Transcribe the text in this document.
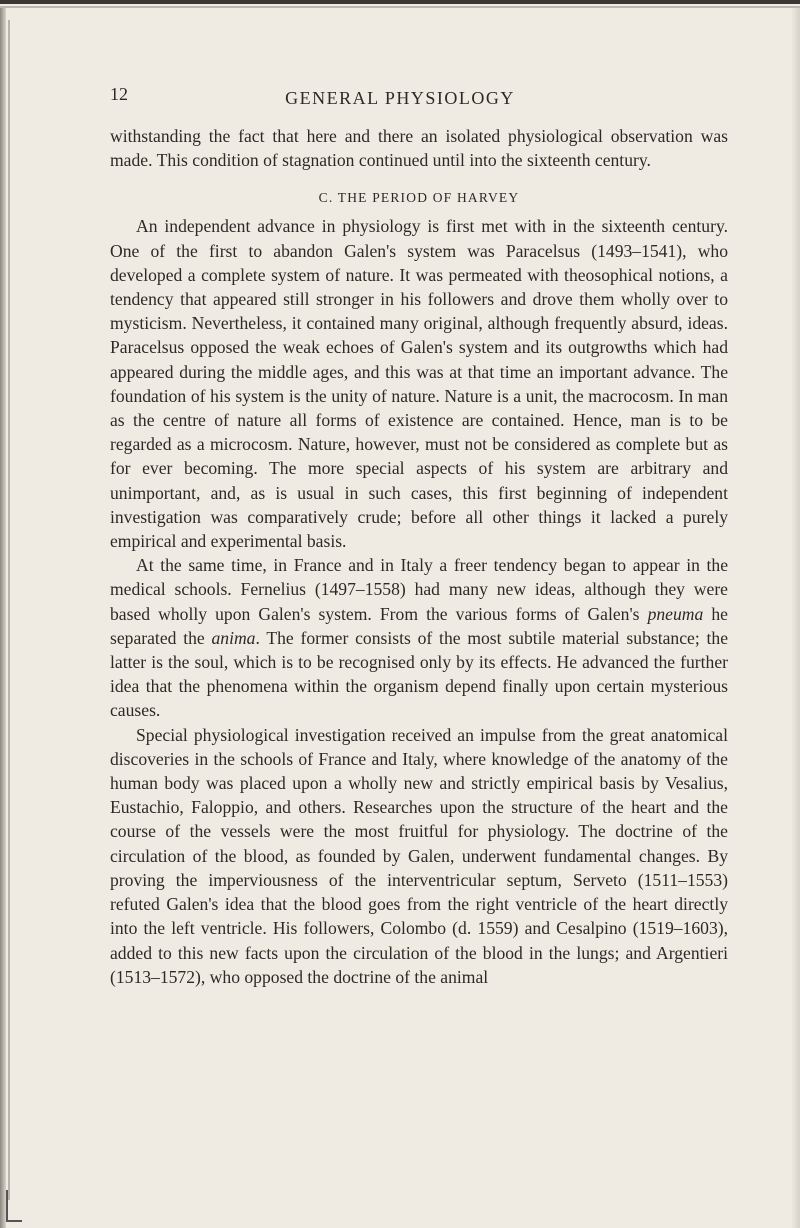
12	GENERAL PHYSIOLOGY

withstanding the fact that here and there an isolated physiological observation was made. This condition of stagnation continued until into the sixteenth century.

C. THE PERIOD OF HARVEY

An independent advance in physiology is first met with in the sixteenth century. One of the first to abandon Galen's system was Paracelsus (1493–1541), who developed a complete system of nature. It was permeated with theosophical notions, a tendency that appeared still stronger in his followers and drove them wholly over to mysticism. Nevertheless, it contained many original, although frequently absurd, ideas. Paracelsus opposed the weak echoes of Galen's system and its outgrowths which had appeared during the middle ages, and this was at that time an important advance. The foundation of his system is the unity of nature. Nature is a unit, the macrocosm. In man as the centre of nature all forms of existence are contained. Hence, man is to be regarded as a microcosm. Nature, however, must not be considered as complete but as for ever becoming. The more special aspects of his system are arbitrary and unimportant, and, as is usual in such cases, this first beginning of independent investigation was comparatively crude; before all other things it lacked a purely empirical and experimental basis.

At the same time, in France and in Italy a freer tendency began to appear in the medical schools. Fernelius (1497–1558) had many new ideas, although they were based wholly upon Galen's system. From the various forms of Galen's pneuma he separated the anima. The former consists of the most subtile material substance; the latter is the soul, which is to be recognised only by its effects. He advanced the further idea that the phenomena within the organism depend finally upon certain mysterious causes.

Special physiological investigation received an impulse from the great anatomical discoveries in the schools of France and Italy, where knowledge of the anatomy of the human body was placed upon a wholly new and strictly empirical basis by Vesalius, Eustachio, Faloppio, and others. Researches upon the structure of the heart and the course of the vessels were the most fruitful for physiology. The doctrine of the circulation of the blood, as founded by Galen, underwent fundamental changes. By proving the imperviousness of the interventricular septum, Serveto (1511–1553) refuted Galen's idea that the blood goes from the right ventricle of the heart directly into the left ventricle. His followers, Colombo (d. 1559) and Cesalpino (1519–1603), added to this new facts upon the circulation of the blood in the lungs; and Argentieri (1513–1572), who opposed the doctrine of the animal
